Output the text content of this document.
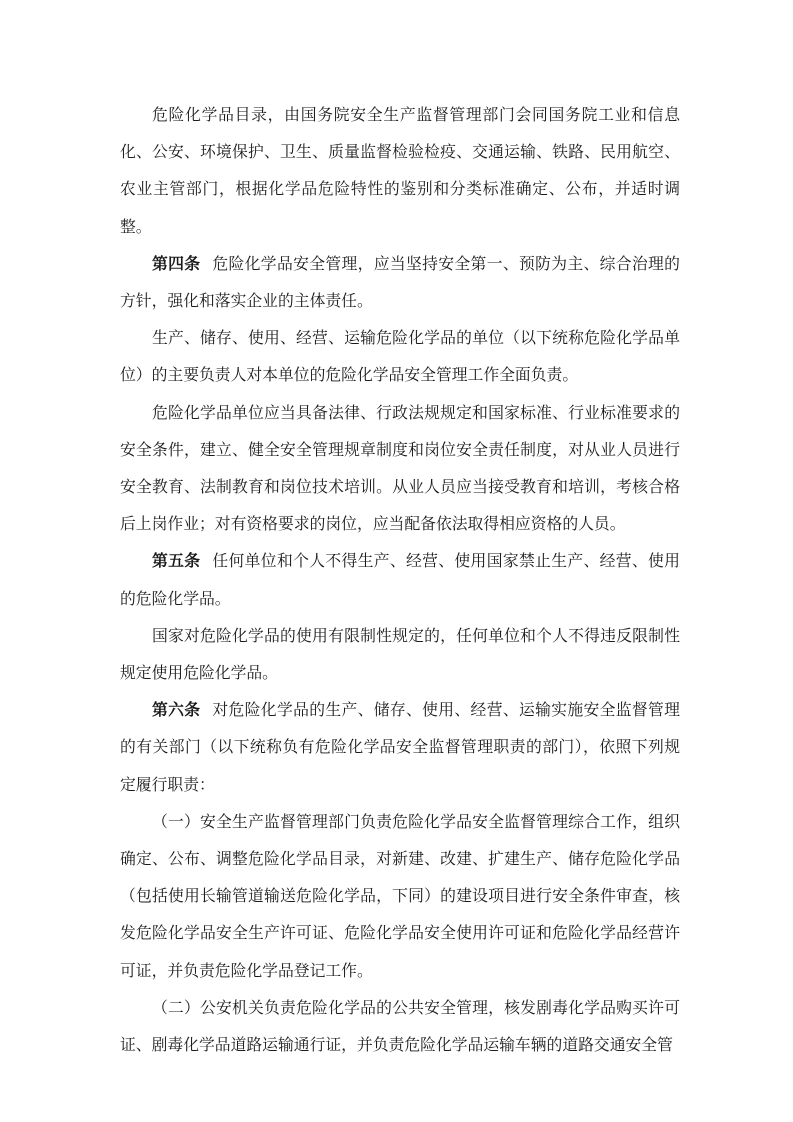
危险化学品目录，由国务院安全生产监督管理部门会同国务院工业和信息化、公安、环境保护、卫生、质量监督检验检疫、交通运输、铁路、民用航空、农业主管部门，根据化学品危险特性的鉴别和分类标准确定、公布，并适时调整。

第四条 危险化学品安全管理，应当坚持安全第一、预防为主、综合治理的方针，强化和落实企业的主体责任。

生产、储存、使用、经营、运输危险化学品的单位（以下统称危险化学品单位）的主要负责人对本单位的危险化学品安全管理工作全面负责。

危险化学品单位应当具备法律、行政法规规定和国家标准、行业标准要求的安全条件，建立、健全安全管理规章制度和岗位安全责任制度，对从业人员进行安全教育、法制教育和岗位技术培训。从业人员应当接受教育和培训，考核合格后上岗作业；对有资格要求的岗位，应当配备依法取得相应资格的人员。

第五条 任何单位和个人不得生产、经营、使用国家禁止生产、经营、使用的危险化学品。

国家对危险化学品的使用有限制性规定的，任何单位和个人不得违反限制性规定使用危险化学品。

第六条 对危险化学品的生产、储存、使用、经营、运输实施安全监督管理的有关部门（以下统称负有危险化学品安全监督管理职责的部门），依照下列规定履行职责：

（一）安全生产监督管理部门负责危险化学品安全监督管理综合工作，组织确定、公布、调整危险化学品目录，对新建、改建、扩建生产、储存危险化学品（包括使用长输管道输送危险化学品，下同）的建设项目进行安全条件审查，核发危险化学品安全生产许可证、危险化学品安全使用许可证和危险化学品经营许可证，并负责危险化学品登记工作。

（二）公安机关负责危险化学品的公共安全管理，核发剧毒化学品购买许可证、剧毒化学品道路运输通行证，并负责危险化学品运输车辆的道路交通安全管
